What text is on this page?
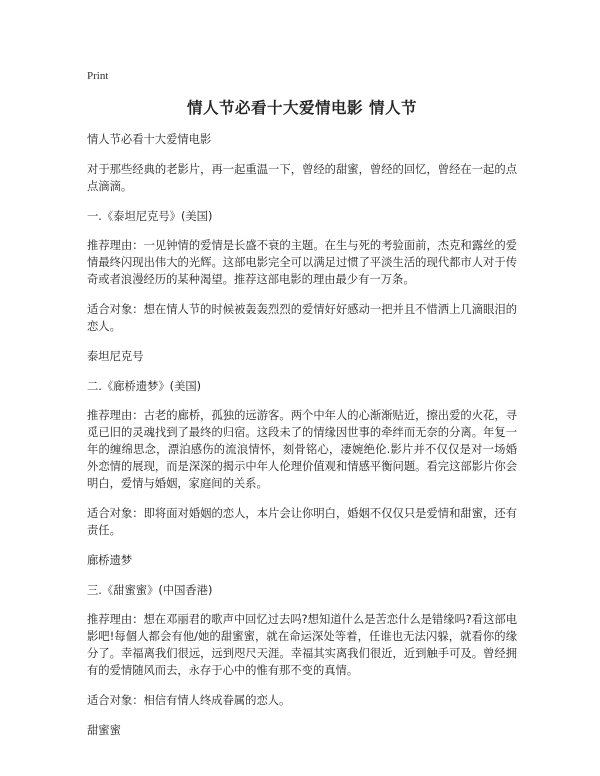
Print
情人节必看十大爱情电影 情人节

情人节必看十大爱情电影

对于那些经典的老影片，再一起重温一下，曾经的甜蜜，曾经的回忆，曾经在一起的点点滴滴。

一.《泰坦尼克号》(美国)

推荐理由：一见钟情的爱情是长盛不衰的主题。在生与死的考验面前，杰克和露丝的爱情最终闪现出伟大的光辉。这部电影完全可以满足过惯了平淡生活的现代都市人对于传奇或者浪漫经历的某种渴望。推荐这部电影的理由最少有一万条。

适合对象：想在情人节的时候被轰轰烈烈的爱情好好感动一把并且不惜洒上几滴眼泪的恋人。

泰坦尼克号

二.《廊桥遗梦》(美国)

推荐理由：古老的廊桥，孤独的远游客。两个中年人的心渐渐贴近，擦出爱的火花，寻觅已旧的灵魂找到了最终的归宿。这段未了的情缘因世事的牵绊而无奈的分离。年复一年的缠绵思念，漂泊感伤的流浪情怀，刻骨铭心，凄婉绝伦.影片并不仅仅是对一场婚外恋情的展现，而是深深的揭示中年人伦理价值观和情感平衡问题。看完这部影片你会明白，爱情与婚姻，家庭间的关系。

适合对象：即将面对婚姻的恋人，本片会让你明白，婚姻不仅仅只是爱情和甜蜜，还有责任。

廊桥遗梦

三.《甜蜜蜜》(中国香港)

推荐理由：想在邓丽君的歌声中回忆过去吗?想知道什么是苦恋什么是错缘吗?看这部电影吧!每個人都会有他/她的甜蜜蜜，就在命运深处等着，任谁也无法闪躲，就看你的缘分了。幸福离我们很远，远到咫尺天涯。幸福其实离我们很近，近到触手可及。曾经拥有的爱情随风而去，永存于心中的惟有那不变的真情。

适合对象：相信有情人终成眷属的恋人。

甜蜜蜜
